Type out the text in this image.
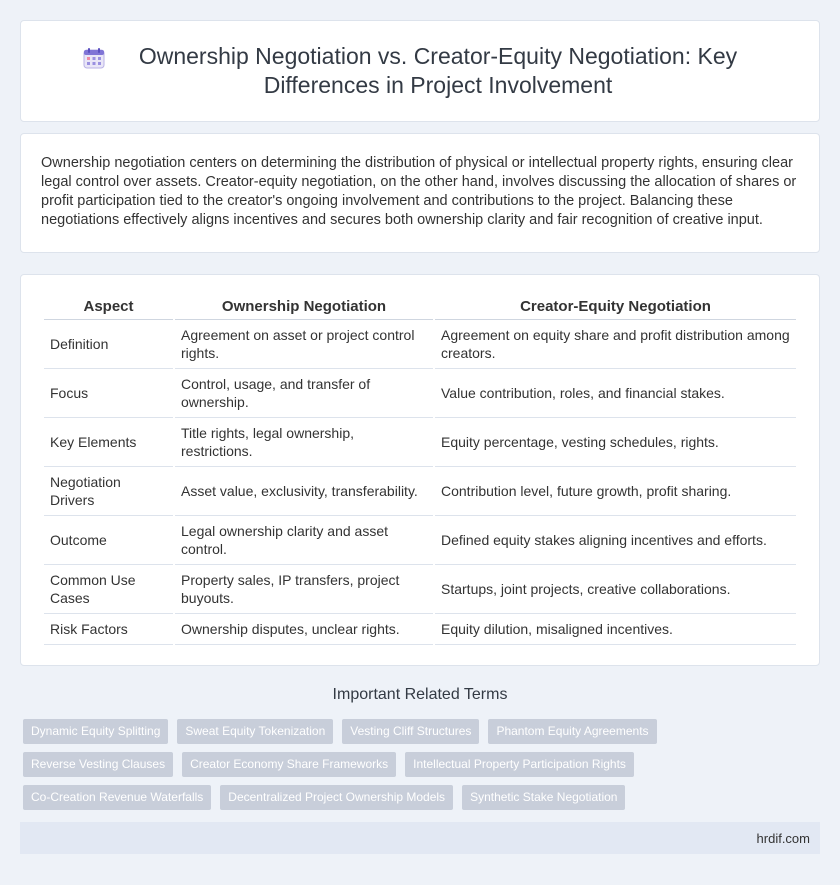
Ownership Negotiation vs. Creator-Equity Negotiation: Key Differences in Project Involvement

Ownership negotiation centers on determining the distribution of physical or intellectual property rights, ensuring clear legal control over assets. Creator-equity negotiation, on the other hand, involves discussing the allocation of shares or profit participation tied to the creator's ongoing involvement and contributions to the project. Balancing these negotiations effectively aligns incentives and secures both ownership clarity and fair recognition of creative input.

Aspect	Ownership Negotiation	Creator-Equity Negotiation
Definition	Agreement on asset or project control rights.	Agreement on equity share and profit distribution among creators.
Focus	Control, usage, and transfer of ownership.	Value contribution, roles, and financial stakes.
Key Elements	Title rights, legal ownership, restrictions.	Equity percentage, vesting schedules, rights.
Negotiation Drivers	Asset value, exclusivity, transferability.	Contribution level, future growth, profit sharing.
Outcome	Legal ownership clarity and asset control.	Defined equity stakes aligning incentives and efforts.
Common Use Cases	Property sales, IP transfers, project buyouts.	Startups, joint projects, creative collaborations.
Risk Factors	Ownership disputes, unclear rights.	Equity dilution, misaligned incentives.
Important Related Terms
Dynamic Equity Splitting	Sweat Equity Tokenization	Vesting Cliff Structures	Phantom Equity Agreements
Reverse Vesting Clauses	Creator Economy Share Frameworks	Intellectual Property Participation Rights
Co-Creation Revenue Waterfalls	Decentralized Project Ownership Models	Synthetic Stake Negotiation
hrdif.com
